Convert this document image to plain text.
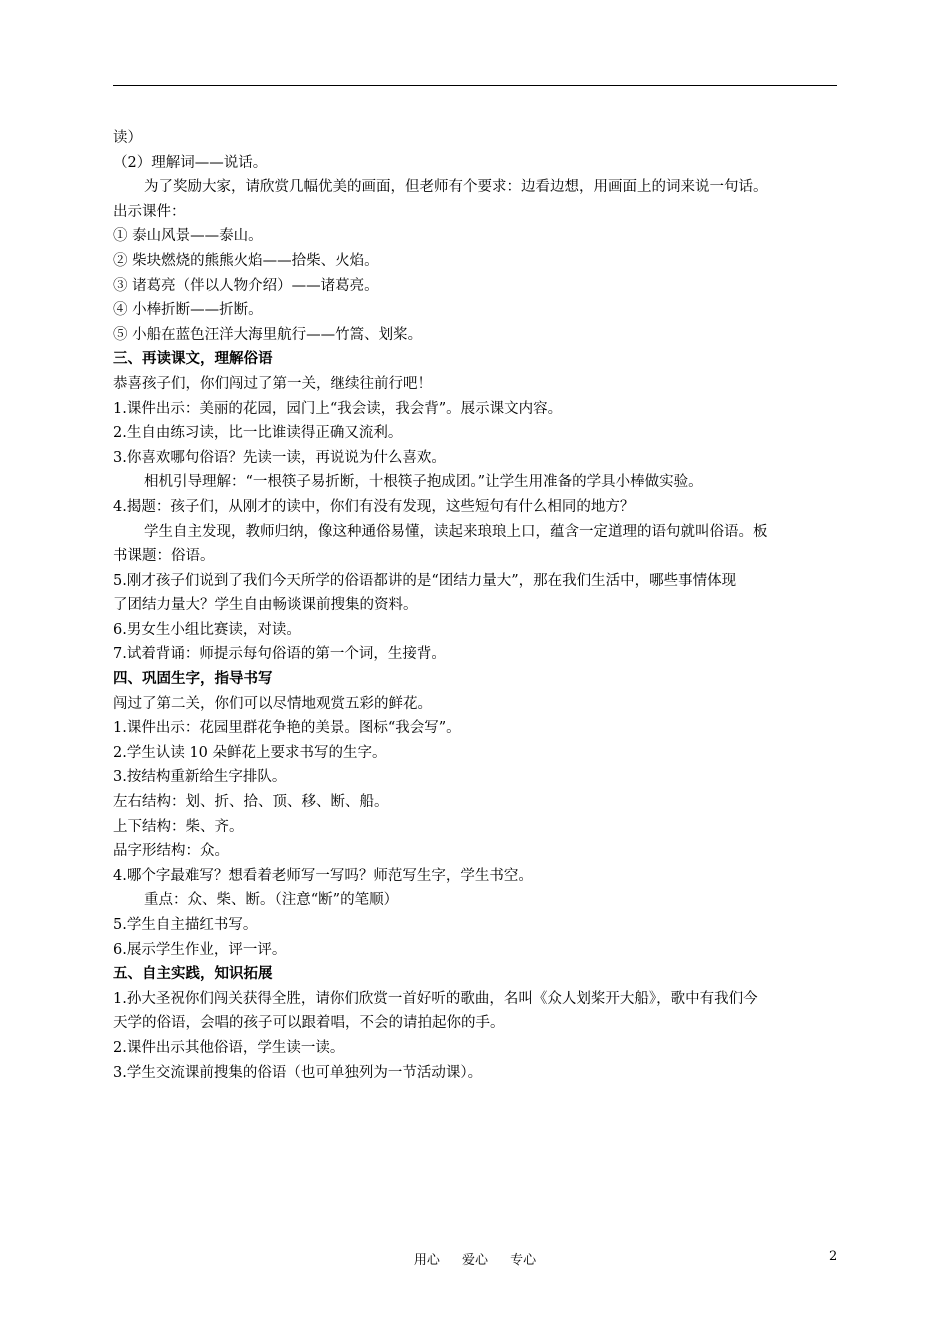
读）
（2）理解词——说话。
为了奖励大家，请欣赏几幅优美的画面，但老师有个要求：边看边想，用画面上的词来说一句话。
出示课件：
① 泰山风景——泰山。
② 柴块燃烧的熊熊火焰——拾柴、火焰。
③ 诸葛亮（伴以人物介绍）——诸葛亮。
④ 小棒折断——折断。
⑤ 小船在蓝色汪洋大海里航行——竹篙、划桨。
三、再读课文，理解俗语
恭喜孩子们，你们闯过了第一关，继续往前行吧！
1.课件出示：美丽的花园，园门上“我会读，我会背”。展示课文内容。
2.生自由练习读，比一比谁读得正确又流利。
3.你喜欢哪句俗语？先读一读，再说说为什么喜欢。
相机引导理解：“一根筷子易折断，十根筷子抱成团。”让学生用准备的学具小棒做实验。
4.揭题：孩子们，从刚才的读中，你们有没有发现，这些短句有什么相同的地方？
学生自主发现，教师归纳，像这种通俗易懂，读起来琅琅上口，蕴含一定道理的语句就叫俗语。板
书课题：俗语。
5.刚才孩子们说到了我们今天所学的俗语都讲的是“团结力量大”，那在我们生活中，哪些事情体现
了团结力量大？学生自由畅谈课前搜集的资料。
6.男女生小组比赛读，对读。
7.试着背诵：师提示每句俗语的第一个词，生接背。
四、巩固生字，指导书写
闯过了第二关，你们可以尽情地观赏五彩的鲜花。
1.课件出示：花园里群花争艳的美景。图标“我会写”。
2.学生认读 10 朵鲜花上要求书写的生字。
3.按结构重新给生字排队。
左右结构：划、折、拾、顶、移、断、船。
上下结构：柴、齐。
品字形结构：众。
4.哪个字最难写？想看着老师写一写吗？师范写生字，学生书空。
重点：众、柴、断。（注意“断”的笔顺）
5.学生自主描红书写。
6.展示学生作业，评一评。
五、自主实践，知识拓展
1.孙大圣祝你们闯关获得全胜，请你们欣赏一首好听的歌曲，名叫《众人划桨开大船》，歌中有我们今
天学的俗语，会唱的孩子可以跟着唱，不会的请拍起你的手。
2.课件出示其他俗语，学生读一读。
3.学生交流课前搜集的俗语（也可单独列为一节活动课）。
用心 爱心 专心	2
